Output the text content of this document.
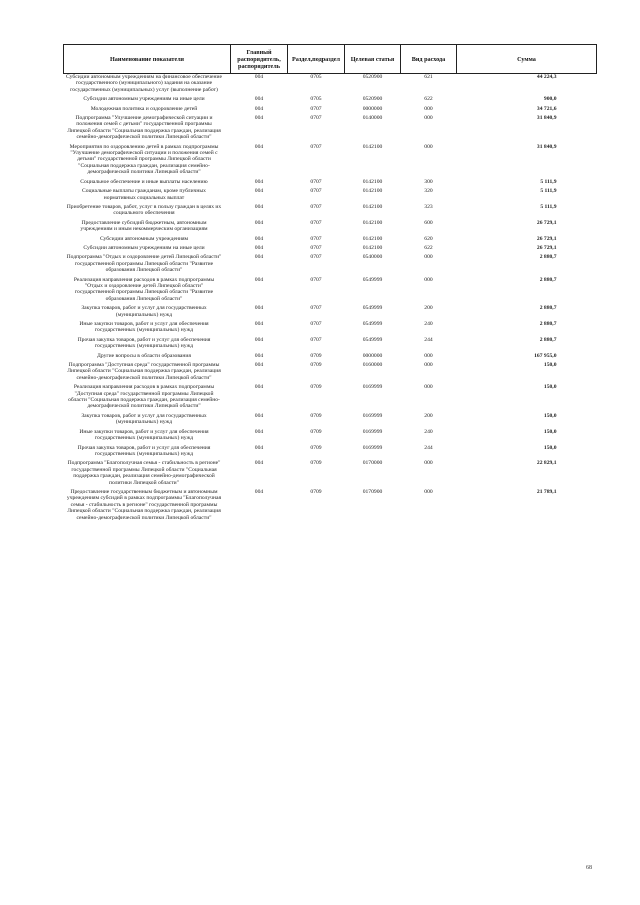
Наименование показателя	Главный распорядитель, распорядитель	Раздел,подраздел	Целевая статья	Вид расхода	Сумма
Субсидии автономным учреждениям на финансовое обеспечение государственного (муниципального) задания на оказание государственных (муниципальных) услуг (выполнение работ)	004	0705	0520900	621	44 224,3
Субсидии автономным учреждениям на иные цели	004	0705	0520900	622	900,0
Молодежная политика и оздоровление детей	004	0707	0000000	000	34 721,6
Подпрограмма "Улучшение демографической ситуации и положения семей с детьми" государственной программы Липецкой области "Социальная поддержка граждан, реализация семейно-демографической политики Липецкой области"	004	0707	0140000	000	31 840,9
Мероприятия по оздоровлению детей в рамках подпрограммы "Улучшение демографической ситуации и положения семей с детьми" государственной программы Липецкой области "Социальная поддержка граждан, реализация семейно-демографической политики Липецкой области"	004	0707	0142100	000	31 840,9
Социальное обеспечение и иные выплаты населению	004	0707	0142100	300	5 111,9
Социальные выплаты гражданам, кроме публичных нормативных социальных выплат	004	0707	0142100	320	5 111,9
Приобретение товаров, работ, услуг в пользу граждан в целях их социального обеспечения	004	0707	0142100	323	5 111,9
Предоставление субсидий бюджетным, автономным учреждениям и иным некоммерческим организациям	004	0707	0142100	600	26 729,1
Субсидии автономным учреждениям	004	0707	0142100	620	26 729,1
Субсидии автономным учреждениям на иные цели	004	0707	0142100	622	26 729,1
Подпрограмма "Отдых и оздоровление детей Липецкой области" государственной программы Липецкой области "Развитие образования Липецкой области"	004	0707	0540000	000	2 880,7
Реализация направления расходов в рамках подпрограммы "Отдых и оздоровление детей Липецкой области" государственной программы Липецкой области "Развитие образования Липецкой области"	004	0707	0549999	000	2 880,7
Закупка товаров, работ и услуг для государственных (муниципальных) нужд	004	0707	0549999	200	2 880,7
Иные закупки товаров, работ и услуг для обеспечения государственных (муниципальных) нужд	004	0707	0549999	240	2 880,7
Прочая закупка товаров, работ и услуг для обеспечения государственных (муниципальных) нужд	004	0707	0549999	244	2 880,7
Другие вопросы в области образования	004	0709	0000000	000	167 955,0
Подпрограмма "Доступная среда" государственной программы Липецкой области "Социальная поддержка граждан, реализация семейно-демографической политики Липецкой области"	004	0709	0160000	000	150,0
Реализация направления расходов в рамках подпрограммы "Доступная среда" государственной программы Липецкой области "Социальная поддержка граждан, реализация семейно-демографической политики Липецкой области"	004	0709	0169999	000	150,0
Закупка товаров, работ и услуг для государственных (муниципальных) нужд	004	0709	0169999	200	150,0
Иные закупки товаров, работ и услуг для обеспечения государственных (муниципальных) нужд	004	0709	0169999	240	150,0
Прочая закупка товаров, работ и услуг для обеспечения государственных (муниципальных) нужд	004	0709	0169999	244	150,0
Подпрограмма "Благополучная семья - стабильность в регионе" государственной программы Липецкой области "Социальная поддержка граждан, реализация семейно-демографической политики Липецкой области"	004	0709	0170000	000	22 829,1
Предоставление государственным бюджетным и автономным учреждениям субсидий в рамках подпрограммы "Благополучная семья - стабильность в регионе" государственной программы Липецкой области "Социальная поддержка граждан, реализация семейно-демографической политики Липецкой области"	004	0709	0170900	000	21 789,1
68
